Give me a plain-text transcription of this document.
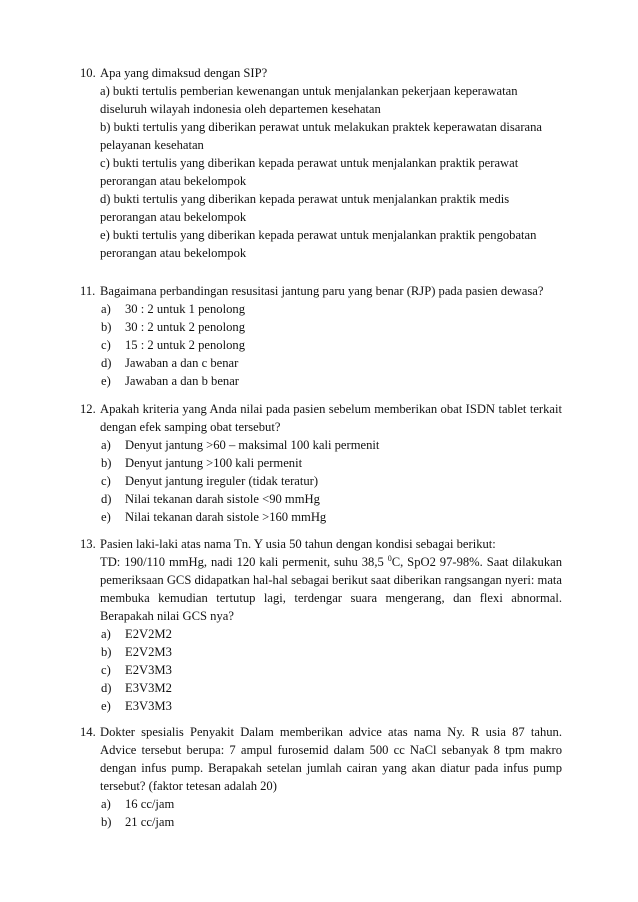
10. Apa yang dimaksud dengan SIP?
a) bukti tertulis pemberian kewenangan untuk menjalankan pekerjaan keperawatan diseluruh wilayah indonesia oleh departemen kesehatan
b) bukti tertulis yang diberikan perawat untuk melakukan praktek keperawatan disarana pelayanan kesehatan
c) bukti tertulis yang diberikan kepada perawat untuk menjalankan praktik perawat perorangan atau bekelompok
d) bukti tertulis yang diberikan kepada perawat untuk menjalankan praktik medis perorangan atau bekelompok
e) bukti tertulis yang diberikan kepada perawat untuk menjalankan praktik pengobatan perorangan atau bekelompok
11. Bagaimana perbandingan resusitasi jantung paru yang benar (RJP) pada pasien dewasa?
a)	30 : 2 untuk 1 penolong
b)	30 : 2 untuk 2 penolong
c)	15 : 2 untuk 2 penolong
d)	Jawaban a dan c benar
e)	Jawaban a dan b benar
12. Apakah kriteria yang Anda nilai pada pasien sebelum memberikan obat ISDN tablet terkait dengan efek samping obat tersebut?
a)	Denyut jantung >60 – maksimal 100 kali permenit
b)	Denyut jantung >100 kali permenit
c)	Denyut jantung ireguler (tidak teratur)
d)	Nilai tekanan darah sistole <90 mmHg
e)	Nilai tekanan darah sistole >160 mmHg
13. Pasien laki-laki atas nama Tn. Y usia 50 tahun dengan kondisi sebagai berikut:
TD: 190/110 mmHg, nadi 120 kali permenit, suhu 38,5 $^0$C, SpO2 97-98%. Saat dilakukan pemeriksaan GCS didapatkan hal-hal sebagai berikut saat diberikan rangsangan nyeri: mata membuka kemudian tertutup lagi, terdengar suara mengerang, dan flexi abnormal. Berapakah nilai GCS nya?
a)	E2V2M2
b)	E2V2M3
c)	E2V3M3
d)	E3V3M2
e)	E3V3M3
14. Dokter spesialis Penyakit Dalam memberikan advice atas nama Ny. R usia 87 tahun. Advice tersebut berupa: 7 ampul furosemid dalam 500 cc NaCl sebanyak 8 tpm makro dengan infus pump. Berapakah setelan jumlah cairan yang akan diatur pada infus pump tersebut? (faktor tetesan adalah 20)
a)	16 cc/jam
b)	21 cc/jam
